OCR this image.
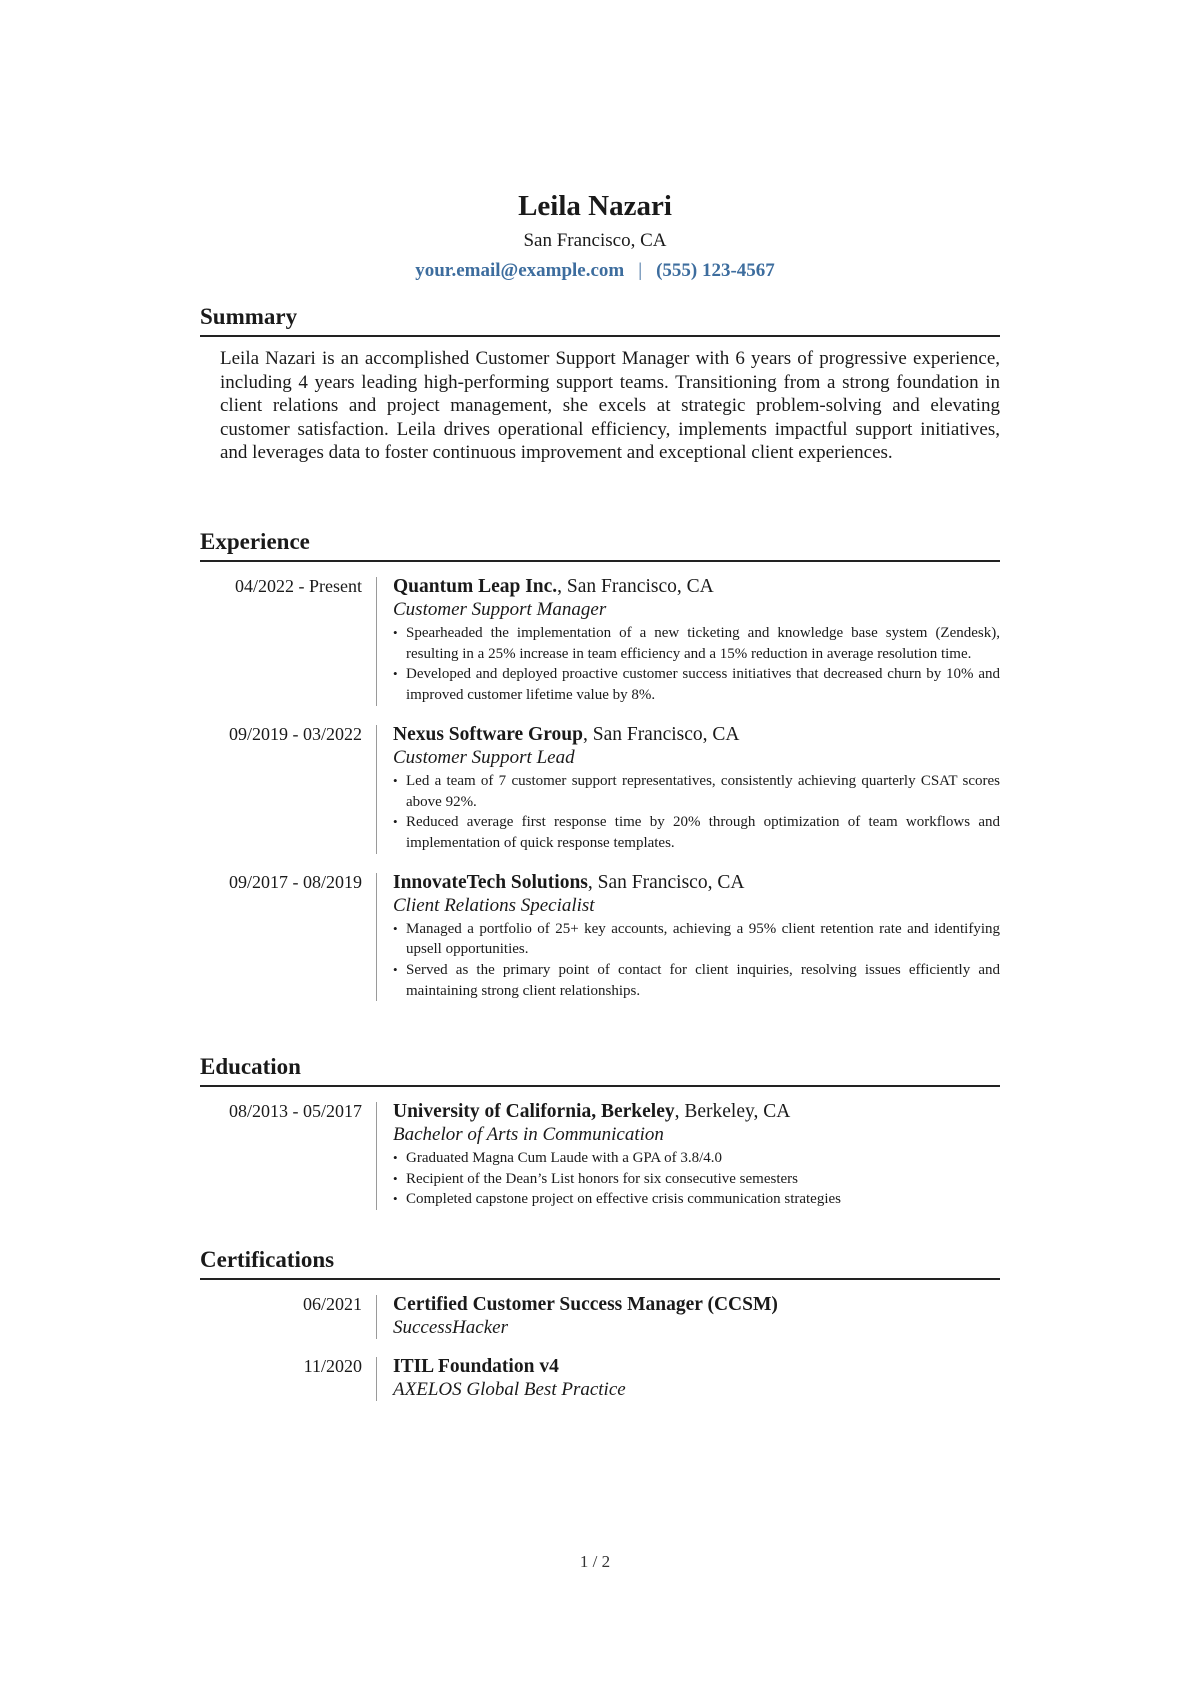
Leila Nazari
San Francisco, CA
your.email@example.com | (555) 123-4567
Summary
Leila Nazari is an accomplished Customer Support Manager with 6 years of progressive experience, including 4 years leading high-performing support teams. Transitioning from a strong foundation in client relations and project management, she excels at strategic problem-solving and elevating customer satisfaction. Leila drives operational efficiency, implements impactful support initiatives, and leverages data to foster continuous improvement and exceptional client experiences.
Experience
04/2022 - Present	Quantum Leap Inc., San Francisco, CA
Customer Support Manager
• Spearheaded the implementation of a new ticketing and knowledge base system (Zendesk), resulting in a 25% increase in team efficiency and a 15% reduction in average resolution time.
• Developed and deployed proactive customer success initiatives that decreased churn by 10% and improved customer lifetime value by 8%.
09/2019 - 03/2022	Nexus Software Group, San Francisco, CA
Customer Support Lead
• Led a team of 7 customer support representatives, consistently achieving quarterly CSAT scores above 92%.
• Reduced average first response time by 20% through optimization of team workflows and implementation of quick response templates.
09/2017 - 08/2019	InnovateTech Solutions, San Francisco, CA
Client Relations Specialist
• Managed a portfolio of 25+ key accounts, achieving a 95% client retention rate and identifying upsell opportunities.
• Served as the primary point of contact for client inquiries, resolving issues efficiently and maintaining strong client relationships.
Education
08/2013 - 05/2017	University of California, Berkeley, Berkeley, CA
Bachelor of Arts in Communication
• Graduated Magna Cum Laude with a GPA of 3.8/4.0
• Recipient of the Dean’s List honors for six consecutive semesters
• Completed capstone project on effective crisis communication strategies
Certifications
06/2021	Certified Customer Success Manager (CCSM)
SuccessHacker
11/2020	ITIL Foundation v4
AXELOS Global Best Practice
1 / 2
